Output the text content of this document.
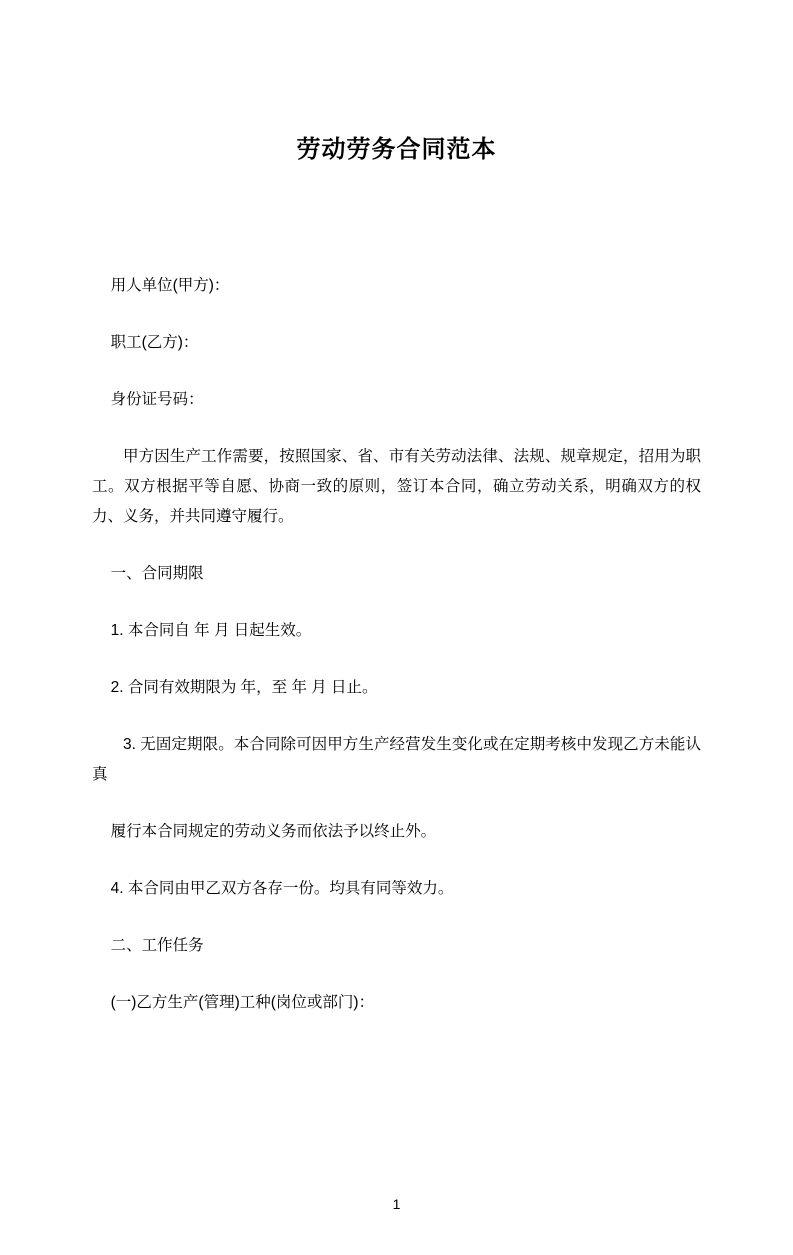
劳动劳务合同范本

用人单位(甲方)：

职工(乙方)：

身份证号码：

甲方因生产工作需要，按照国家、省、市有关劳动法律、法规、规章规定，招用为职工。双方根据平等自愿、协商一致的原则，签订本合同，确立劳动关系，明确双方的权力、义务，并共同遵守履行。

一、合同期限

1. 本合同自 年 月 日起生效。

2. 合同有效期限为 年，至 年 月 日止。

3. 无固定期限。本合同除可因甲方生产经营发生变化或在定期考核中发现乙方未能认真

履行本合同规定的劳动义务而依法予以终止外。

4. 本合同由甲乙双方各存一份。均具有同等效力。

二、工作任务

(一)乙方生产(管理)工种(岗位或部门)：

1
